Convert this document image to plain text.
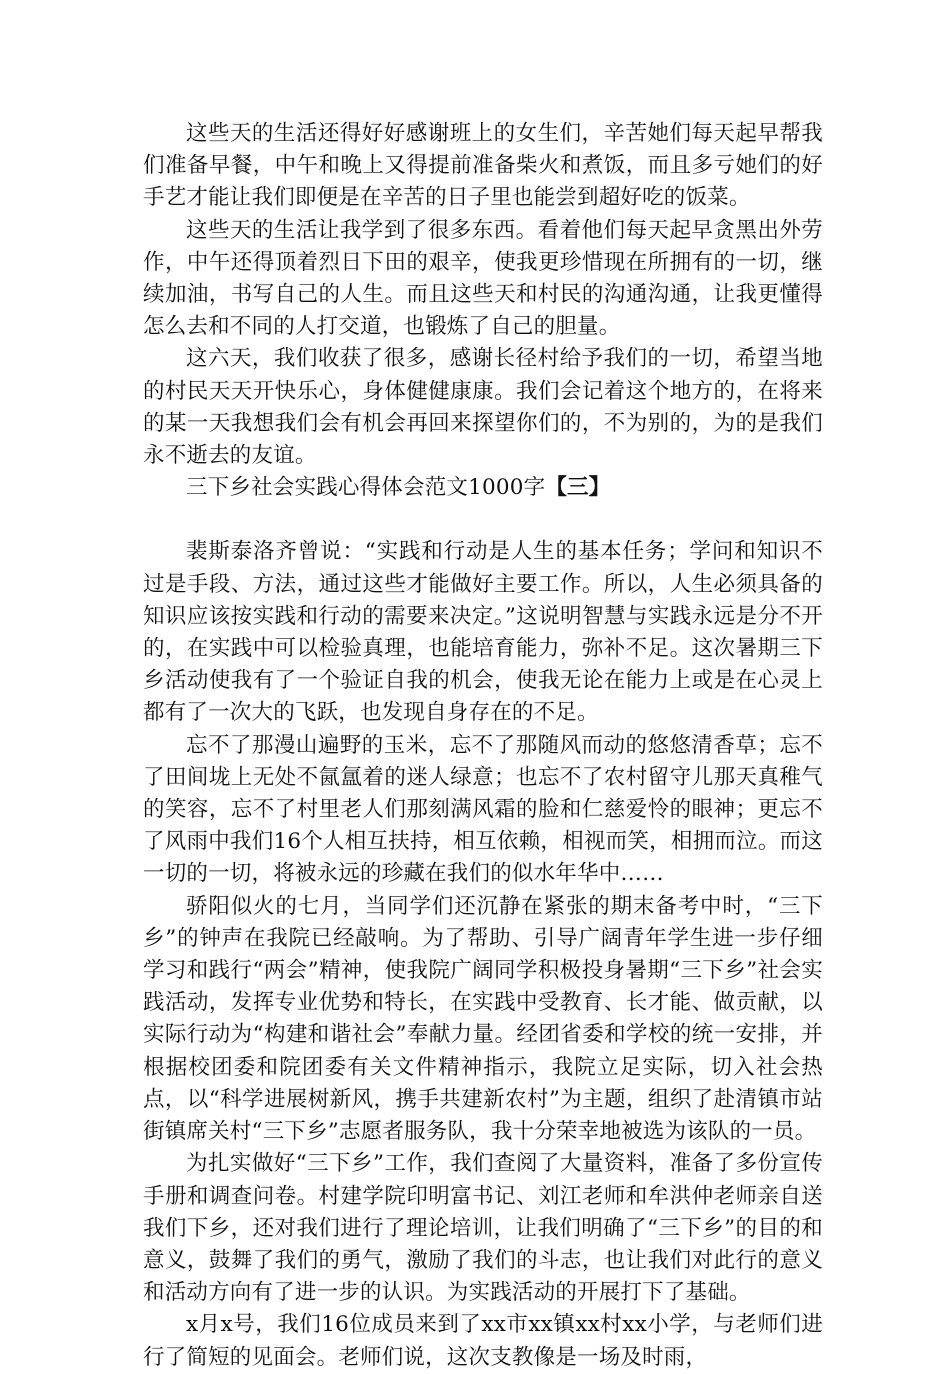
这些天的生活还得好好感谢班上的女生们，辛苦她们每天起早帮我们准备早餐，中午和晚上又得提前准备柴火和煮饭，而且多亏她们的好手艺才能让我们即便是在辛苦的日子里也能尝到超好吃的饭菜。

这些天的生活让我学到了很多东西。看着他们每天起早贪黑出外劳作，中午还得顶着烈日下田的艰辛，使我更珍惜现在所拥有的一切，继续加油，书写自己的人生。而且这些天和村民的沟通沟通，让我更懂得怎么去和不同的人打交道，也锻炼了自己的胆量。

这六天，我们收获了很多，感谢长径村给予我们的一切，希望当地的村民天天开快乐心，身体健健康康。我们会记着这个地方的，在将来的某一天我想我们会有机会再回来探望你们的，不为别的，为的是我们永不逝去的友谊。

三下乡社会实践心得体会范文1000字【三】

裴斯泰洛齐曾说：“实践和行动是人生的基本任务；学问和知识不过是手段、方法，通过这些才能做好主要工作。所以，人生必须具备的知识应该按实践和行动的需要来决定。”这说明智慧与实践永远是分不开的，在实践中可以检验真理，也能培育能力，弥补不足。这次暑期三下乡活动使我有了一个验证自我的机会，使我无论在能力上或是在心灵上都有了一次大的飞跃，也发现自身存在的不足。

忘不了那漫山遍野的玉米，忘不了那随风而动的悠悠清香草；忘不了田间垅上无处不氤氲着的迷人绿意；也忘不了农村留守儿那天真稚气的笑容，忘不了村里老人们那刻满风霜的脸和仁慈爱怜的眼神；更忘不了风雨中我们16个人相互扶持，相互依赖，相视而笑，相拥而泣。而这一切的一切，将被永远的珍藏在我们的似水年华中……

骄阳似火的七月，当同学们还沉静在紧张的期末备考中时，“三下乡”的钟声在我院已经敲响。为了帮助、引导广阔青年学生进一步仔细学习和践行“两会”精神，使我院广阔同学积极投身暑期“三下乡”社会实践活动，发挥专业优势和特长，在实践中受教育、长才能、做贡献，以实际行动为“构建和谐社会”奉献力量。经团省委和学校的统一安排，并根据校团委和院团委有关文件精神指示，我院立足实际，切入社会热点，以“科学进展树新风，携手共建新农村”为主题，组织了赴清镇市站街镇席关村“三下乡”志愿者服务队，我十分荣幸地被选为该队的一员。

为扎实做好“三下乡”工作，我们查阅了大量资料，准备了多份宣传手册和调查问卷。村建学院印明富书记、刘江老师和牟洪仲老师亲自送我们下乡，还对我们进行了理论培训，让我们明确了“三下乡”的目的和意义，鼓舞了我们的勇气，激励了我们的斗志，也让我们对此行的意义和活动方向有了进一步的认识。为实践活动的开展打下了基础。

x月x号，我们16位成员来到了xx市xx镇xx村xx小学，与老师们进行了简短的见面会。老师们说，这次支教像是一场及时雨，
